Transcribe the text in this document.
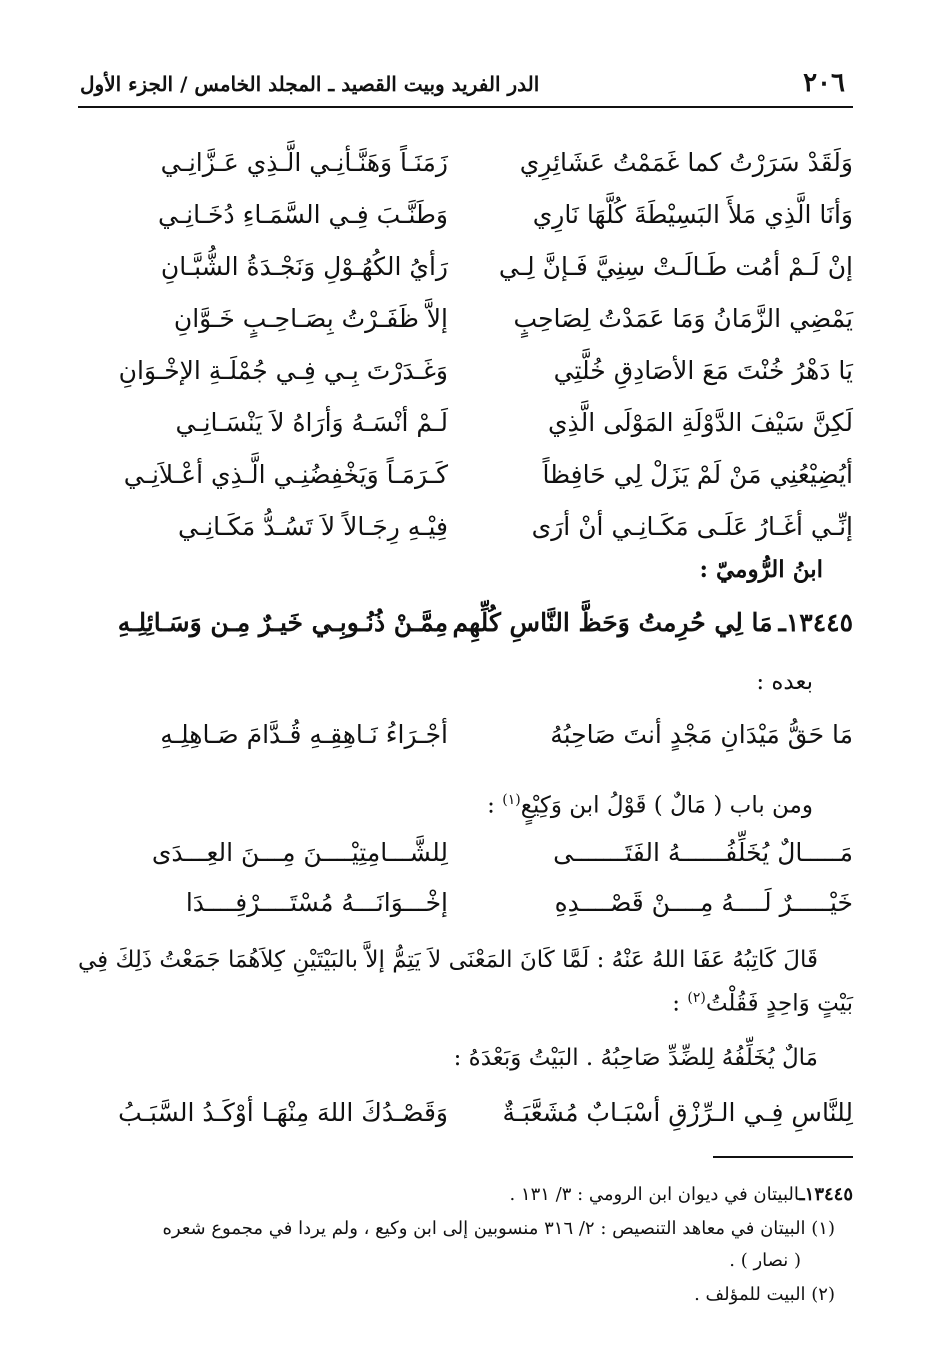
٢٠٦
الدر الفريد وبيت القصيد ـ المجلد الخامس / الجزء الأول
وَلَقَدْ سَرَرْتُ كما غَمَمْتُ عَشَائِرِي
زَمَنَـاً وَهَنَّـأنِـي الَّـذِي عَـزَّانِـي
وَأنَا الَّذِي مَلأَ البَسِيْطَةَ كُلَّهَا نَارِي
وَطَنَّـبَ فِـي السَّمَـاءِ دُخَـانِـي
إنْ لَـمْ أمُت طَـالَـتْ سِنِيَّ فَـإنَّ لِـي
رَأيُ الكُهُـوْلِ وَنَجْـدَةُ الشُّبَّـانِ
يَمْضِي الزَّمَانُ وَمَا عَمَدْتُ لِصَاحِبٍ
إلاَّ ظَفَـرْتُ بِصَـاحِـبٍ خَـوَّانِ
يَا دَهْرُ خُنْتَ مَعَ الأصَادِقِ خُلَّتِي
وَغَـدَرْتَ بِـي فِـي جُمْلَـةِ الإخْـوَانِ
لَكِنَّ سَيْفَ الدَّوْلَةِ المَوْلَى الَّذِي
لَـمْ أنْسَـهُ وَأرَاهُ لاَ يَنْسَـانِـي
أيُضِيْعُنِي مَنْ لَمْ يَزَلْ لِي حَافِظاً
كَـرَمَـاً وَيَخْفِضُنِـي الَّـذِي أعْـلاَنِـي
إنِّـي أغَـارُ عَلَـى مَكَـانِـي أنْ أرَى
فِيْـهِ رِجَـالاً لاَ تَسُـدُّ مَكَـانِـي
ابنُ الرُّوميّ :
١٣٤٤٥ـ
مَا لِي حُرِمتُ وَحَظَّ النَّاسِ كُلِّهِم
مِمَّـنْ ذُنُـوبِـي خَيـرٌ مِـن وَسَـائِلِـهِ
بعده :
مَا حَقُّ مَيْدَانِ مَجْدٍ أنتَ صَاحِبُهُ
أجْـرَاءُ نَـاهِقِـهِ قُـدَّامَ صَـاهِلِـهِ
ومن باب ( مَالٌ ) قَوْلُ ابن وَكِيْعٍ$^{(١)}$ :
مَـــــالٌ يُخَلِّفُــــــهُ الفَتَـــــــى
لِلشَّـــامِتِيْــــنَ مِـــنَ العِـــدَى
خَيْـــــرٌ لَــــهُ مِــــنْ قَصْــــدِهِ
إخْـــوَانَـــهُ مُسْتَــــرْفِــــدَا
قَالَ كَاتِبُهُ عَفَا اللهُ عَنْهُ : لَمَّا كَانَ المَعْنَى لاَ يَتِمُّ إلاَّ بالبَيْتَيْنِ كِلاَهُمَا جَمَعْتُ ذَلِكَ فِي
بَيْتٍ وَاحِدٍ فَقُلْتُ$^{(٢)}$ :
مَالٌ يُخَلِّفُهُ لِلضِّدِّ صَاحِبُهُ . البَيْتُ وَبَعْدَهُ :
لِلنَّاسِ فِـي الـرِّزْقِ أسْبَـابٌ مُشَعَّبَـةٌ
وَقَصْـدُكَ اللهَ مِنْهَـا أوْكَـدُ السَّبَـبُ
١٣٤٤٥ـالبيتان في ديوان ابن الرومي : ٣/ ١٣١ .
(١) البيتان في معاهد التنصيص : ٢/ ٣١٦ منسوبين إلى ابن وكيع ، ولم يردا في مجموع شعره
( نصار ) .
(٢) البيت للمؤلف .
